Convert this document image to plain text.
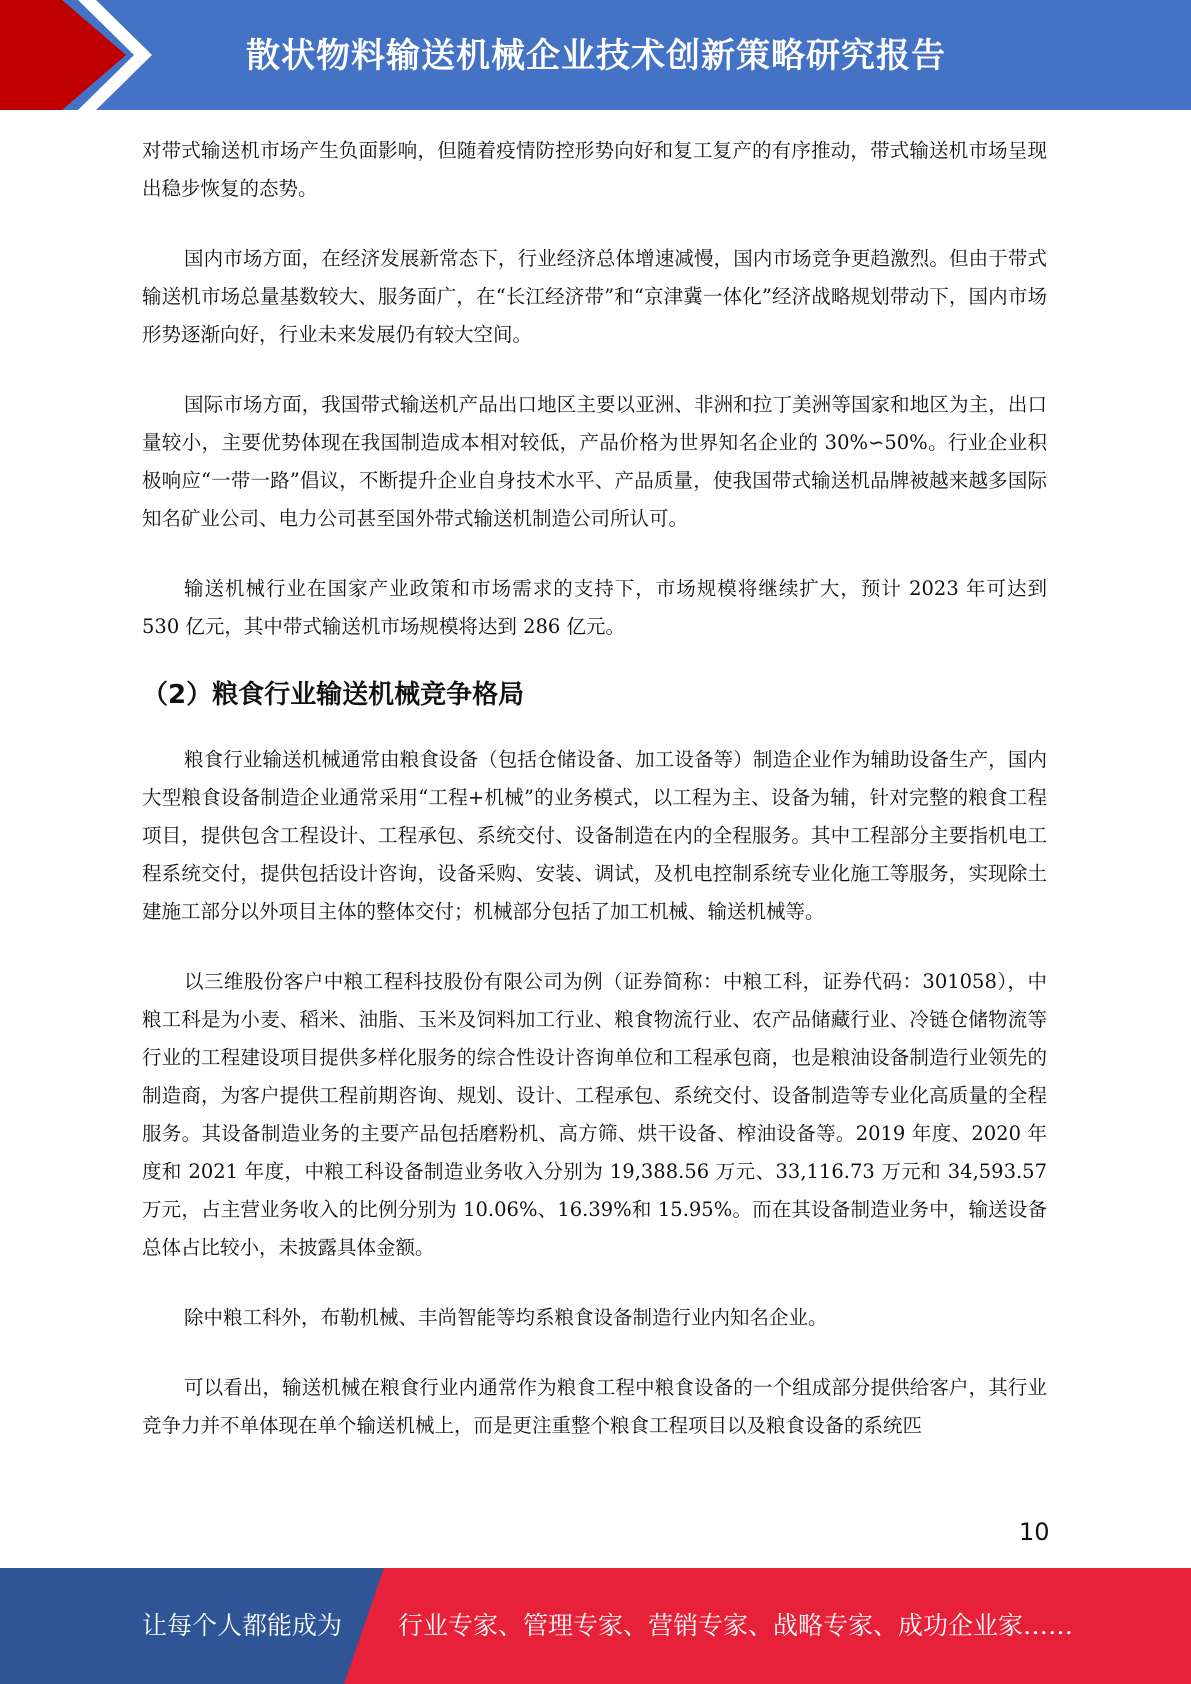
散状物料输送机械企业技术创新策略研究报告

对带式输送机市场产生负面影响，但随着疫情防控形势向好和复工复产的有序推动，带式输送机市场呈现出稳步恢复的态势。

国内市场方面，在经济发展新常态下，行业经济总体增速减慢，国内市场竞争更趋激烈。但由于带式输送机市场总量基数较大、服务面广，在“长江经济带”和“京津冀一体化”经济战略规划带动下，国内市场形势逐渐向好，行业未来发展仍有较大空间。

国际市场方面，我国带式输送机产品出口地区主要以亚洲、非洲和拉丁美洲等国家和地区为主，出口量较小，主要优势体现在我国制造成本相对较低，产品价格为世界知名企业的 30%∽50%。行业企业积极响应“一带一路”倡议，不断提升企业自身技术水平、产品质量，使我国带式输送机品牌被越来越多国际知名矿业公司、电力公司甚至国外带式输送机制造公司所认可。

输送机械行业在国家产业政策和市场需求的支持下，市场规模将继续扩大，预计 2023 年可达到 530 亿元，其中带式输送机市场规模将达到 286 亿元。

（2）粮食行业输送机械竞争格局

粮食行业输送机械通常由粮食设备（包括仓储设备、加工设备等）制造企业作为辅助设备生产，国内大型粮食设备制造企业通常采用“工程+机械”的业务模式，以工程为主、设备为辅，针对完整的粮食工程项目，提供包含工程设计、工程承包、系统交付、设备制造在内的全程服务。其中工程部分主要指机电工程系统交付，提供包括设计咨询，设备采购、安装、调试，及机电控制系统专业化施工等服务，实现除土建施工部分以外项目主体的整体交付；机械部分包括了加工机械、输送机械等。

以三维股份客户中粮工程科技股份有限公司为例（证券简称：中粮工科，证券代码：301058），中粮工科是为小麦、稻米、油脂、玉米及饲料加工行业、粮食物流行业、农产品储藏行业、冷链仓储物流等行业的工程建设项目提供多样化服务的综合性设计咨询单位和工程承包商，也是粮油设备制造行业领先的制造商，为客户提供工程前期咨询、规划、设计、工程承包、系统交付、设备制造等专业化高质量的全程服务。其设备制造业务的主要产品包括磨粉机、高方筛、烘干设备、榨油设备等。2019 年度、2020 年度和 2021 年度，中粮工科设备制造业务收入分别为 19,388.56 万元、33,116.73 万元和 34,593.57 万元，占主营业务收入的比例分别为 10.06%、16.39%和 15.95%。而在其设备制造业务中，输送设备总体占比较小，未披露具体金额。

除中粮工科外，布勒机械、丰尚智能等均系粮食设备制造行业内知名企业。

可以看出，输送机械在粮食行业内通常作为粮食工程中粮食设备的一个组成部分提供给客户，其行业竞争力并不单体现在单个输送机械上，而是更注重整个粮食工程项目以及粮食设备的系统匹

10
让每个人都能成为 行业专家、管理专家、营销专家、战略专家、成功企业家……
